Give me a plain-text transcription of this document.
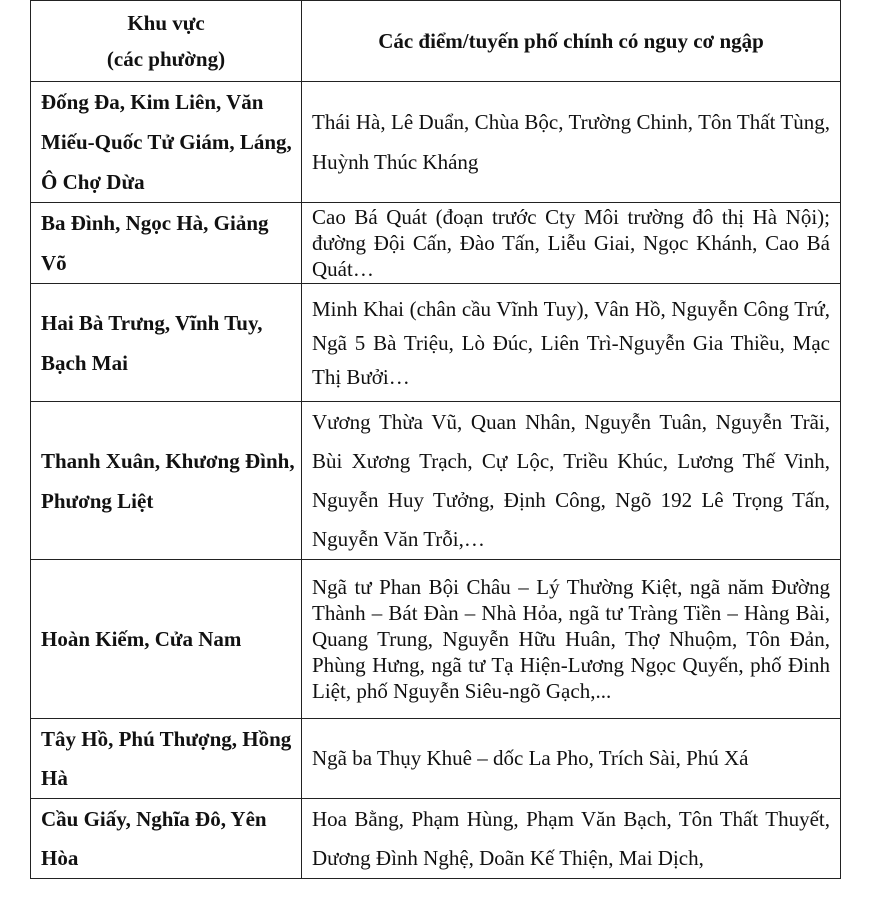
Khu vực
(các phường)	Các điểm/tuyến phố chính có nguy cơ ngập
Đống Đa, Kim Liên, Văn Miếu-Quốc Tử Giám, Láng, Ô Chợ Dừa	Thái Hà, Lê Duẩn, Chùa Bộc, Trường Chinh, Tôn Thất Tùng, Huỳnh Thúc Kháng
Ba Đình, Ngọc Hà, Giảng Võ	Cao Bá Quát (đoạn trước Cty Môi trường đô thị Hà Nội); đường Đội Cấn, Đào Tấn, Liễu Giai, Ngọc Khánh, Cao Bá Quát…
Hai Bà Trưng, Vĩnh Tuy, Bạch Mai	Minh Khai (chân cầu Vĩnh Tuy), Vân Hồ, Nguyễn Công Trứ, Ngã 5 Bà Triệu, Lò Đúc, Liên Trì-Nguyễn Gia Thiều, Mạc Thị Bưởi…
Thanh Xuân, Khương Đình, Phương Liệt	Vương Thừa Vũ, Quan Nhân, Nguyễn Tuân, Nguyễn Trãi, Bùi Xương Trạch, Cự Lộc, Triều Khúc, Lương Thế Vinh, Nguyễn Huy Tưởng, Định Công, Ngõ 192 Lê Trọng Tấn, Nguyễn Văn Trỗi,…
Hoàn Kiếm, Cửa Nam	Ngã tư Phan Bội Châu – Lý Thường Kiệt, ngã năm Đường Thành – Bát Đàn – Nhà Hỏa, ngã tư Tràng Tiền – Hàng Bài, Quang Trung, Nguyễn Hữu Huân, Thợ Nhuộm, Tôn Đản, Phùng Hưng, ngã tư Tạ Hiện-Lương Ngọc Quyến, phố Đinh Liệt, phố Nguyễn Siêu-ngõ Gạch,...
Tây Hồ, Phú Thượng, Hồng Hà	Ngã ba Thụy Khuê – dốc La Pho, Trích Sài, Phú Xá
Cầu Giấy, Nghĩa Đô, Yên Hòa	Hoa Bằng, Phạm Hùng, Phạm Văn Bạch, Tôn Thất Thuyết, Dương Đình Nghệ, Doãn Kế Thiện, Mai Dịch,
